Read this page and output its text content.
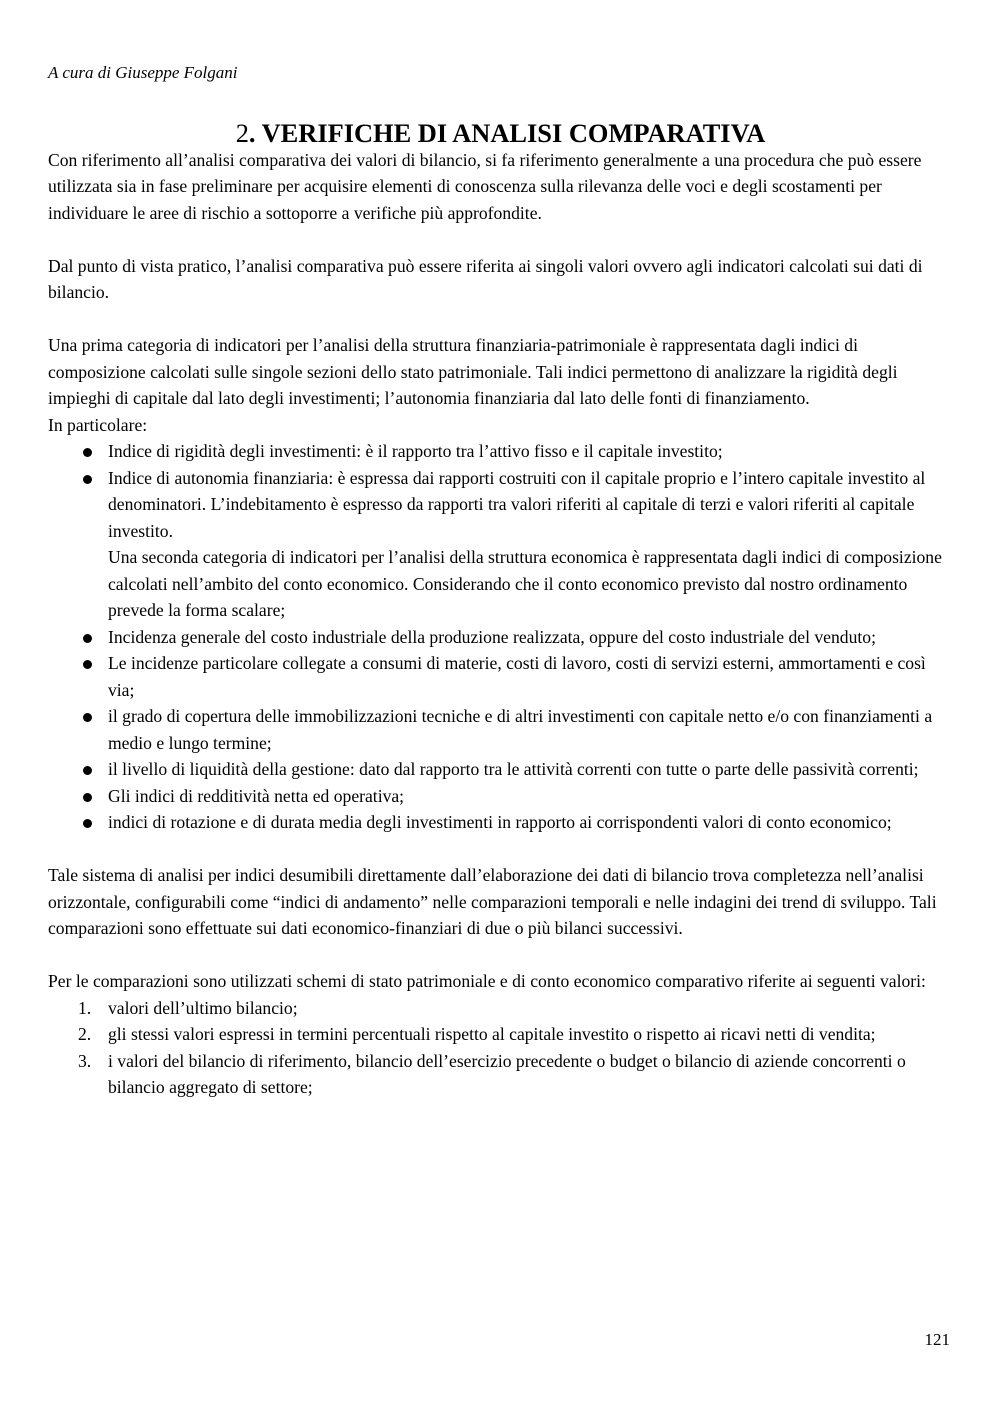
A cura di Giuseppe Folgani
2. VERIFICHE DI ANALISI COMPARATIVA

Con riferimento all’analisi comparativa dei valori di bilancio, si fa riferimento generalmente a una procedura che può essere utilizzata sia in fase preliminare per acquisire elementi di conoscenza sulla rilevanza delle voci e degli scostamenti per individuare le aree di rischio a sottoporre a verifiche più approfondite.

Dal punto di vista pratico, l’analisi comparativa può essere riferita ai singoli valori ovvero agli indicatori calcolati sui dati di bilancio.

Una prima categoria di indicatori per l’analisi della struttura finanziaria-patrimoniale è rappresentata dagli indici di composizione calcolati sulle singole sezioni dello stato patrimoniale. Tali indici permettono di analizzare la rigidità degli impieghi di capitale dal lato degli investimenti; l’autonomia finanziaria dal lato delle fonti di finanziamento.

In particolare:

Indice di rigidità degli investimenti: è il rapporto tra l’attivo fisso e il capitale investito;
Indice di autonomia finanziaria: è espressa dai rapporti costruiti con il capitale proprio e l’intero capitale investito al denominatori. L’indebitamento è espresso da rapporti tra valori riferiti al capitale di terzi e valori riferiti al capitale investito.
Una seconda categoria di indicatori per l’analisi della struttura economica è rappresentata dagli indici di composizione calcolati nell’ambito del conto economico. Considerando che il conto economico previsto dal nostro ordinamento prevede la forma scalare;
Incidenza generale del costo industriale della produzione realizzata, oppure del costo industriale del venduto;
Le incidenze particolare collegate a consumi di materie, costi di lavoro, costi di servizi esterni, ammortamenti e così via;
il grado di copertura delle immobilizzazioni tecniche e di altri investimenti con capitale netto e/o con finanziamenti a medio e lungo termine;
il livello di liquidità della gestione: dato dal rapporto tra le attività correnti con tutte o parte delle passività correnti;
Gli indici di redditività netta ed operativa;
indici di rotazione e di durata media degli investimenti in rapporto ai corrispondenti valori di conto economico;

Tale sistema di analisi per indici desumibili direttamente dall’elaborazione dei dati di bilancio trova completezza nell’analisi orizzontale, configurabili come “indici di andamento” nelle comparazioni temporali e nelle indagini dei trend di sviluppo. Tali comparazioni sono effettuate sui dati economico-finanziari di due o più bilanci successivi.

Per le comparazioni sono utilizzati schemi di stato patrimoniale e di conto economico comparativo riferite ai seguenti valori:

1. valori dell’ultimo bilancio;
2. gli stessi valori espressi in termini percentuali rispetto al capitale investito o rispetto ai ricavi netti di vendita;
3. i valori del bilancio di riferimento, bilancio dell’esercizio precedente o budget o bilancio di aziende concorrenti o bilancio aggregato di settore;
121
